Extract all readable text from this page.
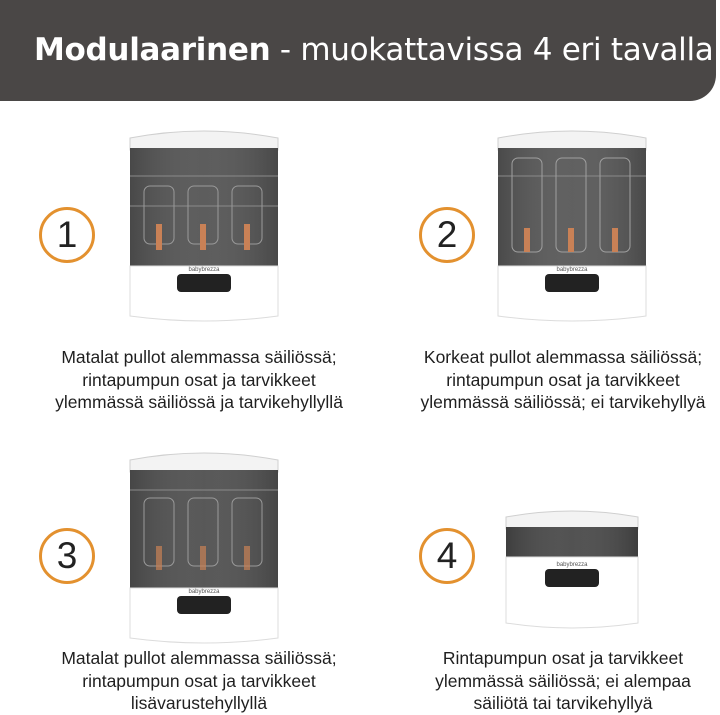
Modulaarinen - muokattavissa 4 eri tavalla
1
babybrezza
Matalat pullot alemmassa säiliössä;
rintapumpun osat ja tarvikkeet
ylemmässä säiliössä ja tarvikehyllyllä
2
babybrezza
Korkeat pullot alemmassa säiliössä;
rintapumpun osat ja tarvikkeet
ylemmässä säiliössä; ei tarvikehyllyä
3
babybrezza
Matalat pullot alemmassa säiliössä;
rintapumpun osat ja tarvikkeet
lisävarustehyllyllä
4	babybrezza
Rintapumpun osat ja tarvikkeet
ylemmässä säiliössä; ei alempaa
säiliötä tai tarvikehyllyä
